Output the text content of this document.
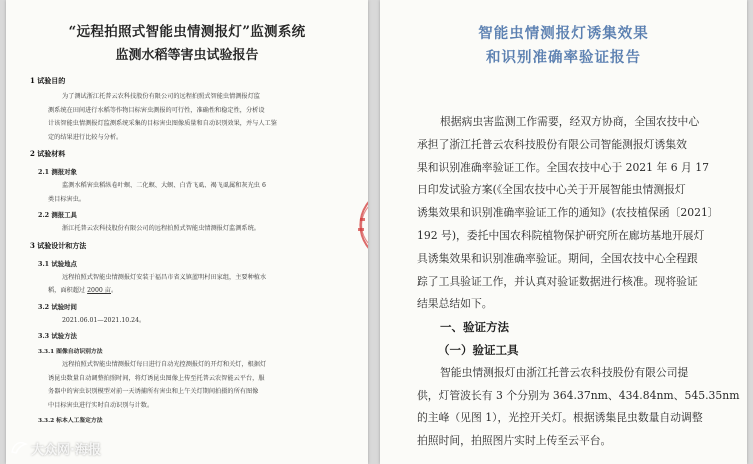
“远程拍照式智能虫情测报灯”监测系统
监测水稻等害虫试验报告
1 试验目的
为了测试浙江托普云农科技股份有限公司的远程拍照式智能虫情测报灯监
测系统在田间进行水稻等作物目标害虫测报的可行性，准确性和稳定性，分析设
计该智能虫情测报灯监测系统采集的目标害虫图像质量和自动识别效果，并与人工鉴
定的结果进行比较与分析。
2 试验材料
2.1 测报对象
监测水稻害虫稻纵卷叶螟、二化螟、大螟、白背飞虱、褐飞虱属和灰光虫 6
类目标害虫。
2.2 测报工具
浙江托普云农科技股份有限公司的远程拍照式智能虫情测报灯监测系统。
3 试验设计和方法
3.1 试验地点
远程拍照式智能虫情测报灯安装于福昌市省义镇蓝明村田家组，主要种植水
稻，面积超过 2000 亩。
3.2 试验时间
2021.06.01—2021.10.24。
3.3 试验方法
3.3.1 图像自动识别方法
远程拍照式智能虫情测报灯每日进行自动光控测报灯的开灯和关灯，根据灯
诱昆虫数量自动调整拍照时间，将灯诱昆虫图像上传至托普云农智能云平台，服
务器中的害虫识别模型对前一天诱捕所有害虫和上午关灯期间拍摄的所有图像
中目标害虫进行实时自动识别与计数。
3.3.2 标本人工鉴定方法
智能虫情测报灯诱集效果
和识别准确率验证报告
根据病虫害监测工作需要，经双方协商，全国农技中心
承担了浙江托普云农科技股份有限公司智能测报灯诱集效
果和识别准确率验证工作。全国农技中心于 2021 年 6 月 17
日印发试验方案(《全国农技中心关于开展智能虫情测报灯
诱集效果和识别准确率验证工作的通知》(农技植保函〔2021〕
192 号)，委托中国农科院植物保护研究所在廊坊基地开展灯
具诱集效果和识别准确率验证。期间，全国农技中心全程跟
踪了工具验证工作，并认真对验证数据进行核准。现将验证
结果总结如下。
一、验证方法
（一）验证工具
智能虫情测报灯由浙江托普云农科技股份有限公司提
供，灯管波长有 3 个分别为 364.37nm、434.84nm、545.35nm
的主峰（见图 1），光控开关灯。根据诱集昆虫数量自动调整
拍照时间，拍照图片实时上传至云平台。
大众网·海报
